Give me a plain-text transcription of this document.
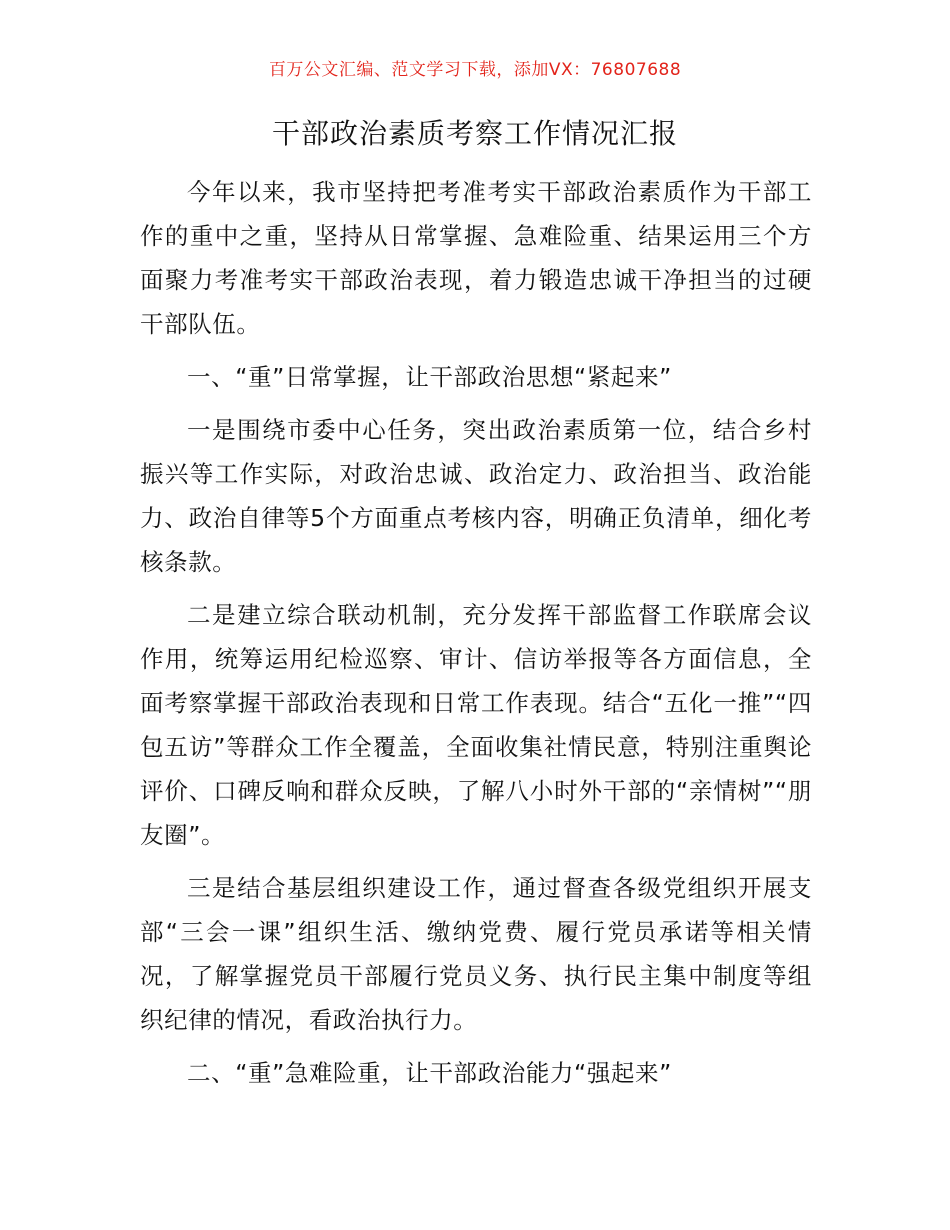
百万公文汇编、范文学习下载，添加VX：76807688
干部政治素质考察工作情况汇报

今年以来，我市坚持把考准考实干部政治素质作为干部工作的重中之重，坚持从日常掌握、急难险重、结果运用三个方面聚力考准考实干部政治表现，着力锻造忠诚干净担当的过硬干部队伍。

一、“重”日常掌握，让干部政治思想“紧起来”

一是围绕市委中心任务，突出政治素质第一位，结合乡村振兴等工作实际，对政治忠诚、政治定力、政治担当、政治能力、政治自律等5个方面重点考核内容，明确正负清单，细化考核条款。

二是建立综合联动机制，充分发挥干部监督工作联席会议作用，统筹运用纪检巡察、审计、信访举报等各方面信息，全面考察掌握干部政治表现和日常工作表现。结合“五化一推”“四包五访”等群众工作全覆盖，全面收集社情民意，特别注重舆论评价、口碑反响和群众反映，了解八小时外干部的“亲情树”“朋友圈”。

三是结合基层组织建设工作，通过督查各级党组织开展支部“三会一课”组织生活、缴纳党费、履行党员承诺等相关情况，了解掌握党员干部履行党员义务、执行民主集中制度等组织纪律的情况，看政治执行力。

二、“重”急难险重，让干部政治能力“强起来”
